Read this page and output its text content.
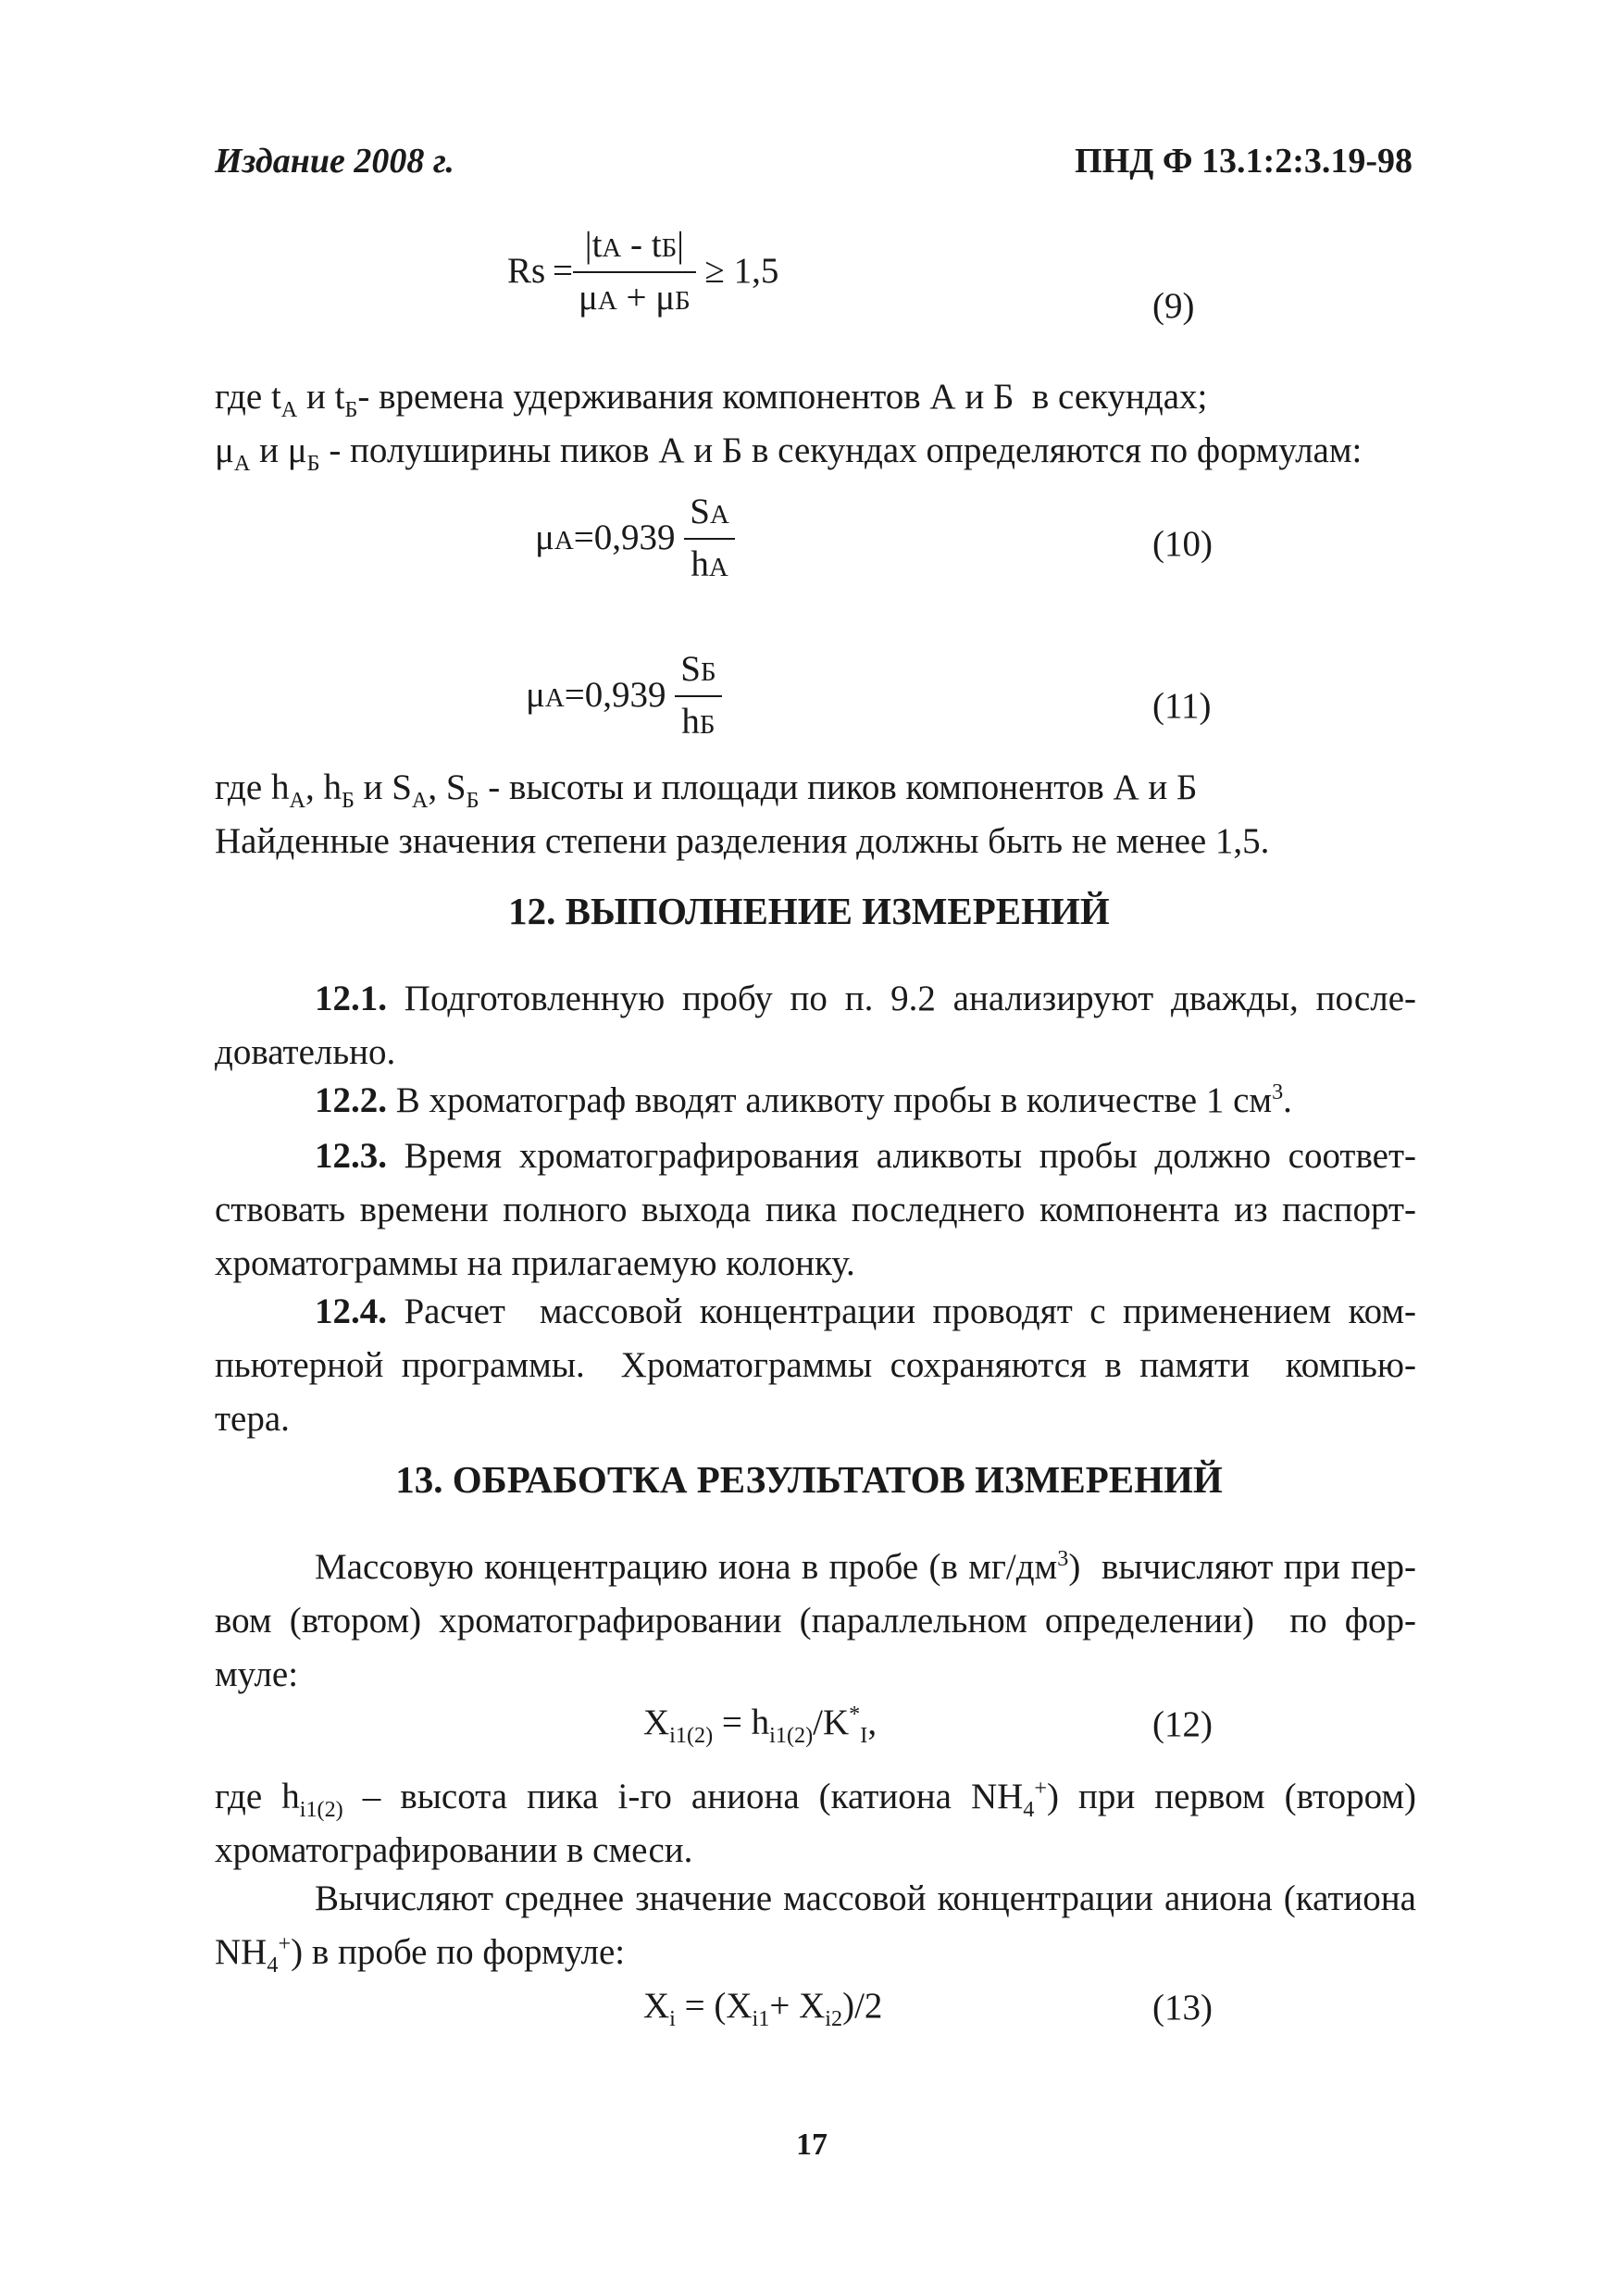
Издание 2008 г.	ПНД Ф 13.1:2:3.19-98
$Rs = \frac{|tA - tБ|}{\mu A + \mu Б} \ge 1,5$
(9)
где $t_A$ и $t_Б-$ времена удерживания компонентов А и Б  в секундах;
$\mu_A$ и $\mu_Б$ - полуширины пиков А и Б в секундах определяются по формулам:
$\mu A=0,939 \frac{SA}{hA}$	(10)
$\mu A=0,939 \frac{SБ}{hБ}$	(11)
где $h_A$, $h_Б$ и $S_A$, $S_Б$ - высоты и площади пиков компонентов А и Б
Найденные значения степени разделения должны быть не менее 1,5.
12. ВЫПОЛНЕНИЕ ИЗМЕРЕНИЙ
12.1. Подготовленную пробу по п. 9.2 анализируют дважды, после-
довательно.
12.2. В хроматограф вводят аликвоту пробы в количестве 1 $см^3$.
12.3. Время хроматографирования аликвоты пробы должно соответ-
ствовать времени полного выхода пика последнего компонента из паспорт-
хроматограммы на прилагаемую колонку.
12.4. Расчет  массовой концентрации проводят с применением ком-
пьютерной программы.  Хроматограммы сохраняются в памяти  компью-
тера.
13. ОБРАБОТКА РЕЗУЛЬТАТОВ ИЗМЕРЕНИЙ
Массовую концентрацию иона в пробе (в $мг/дм^3$)  вычисляют при пер-
вом (втором) хроматографировании (параллельном определении)  по фор-
муле:
$X_{i1(2)} = h_{i1(2)}/K^*_I$,	(12)
где $h_{i1(2)}$ – высота пика i-го аниона (катиона $NH_4^+$) при первом (втором)
хроматографировании в смеси.
Вычисляют среднее значение массовой концентрации аниона (катиона
$NH_4^+$) в пробе по формуле:
$X_i = (X_{i1}+ X_{i2})/2$	(13)
17
